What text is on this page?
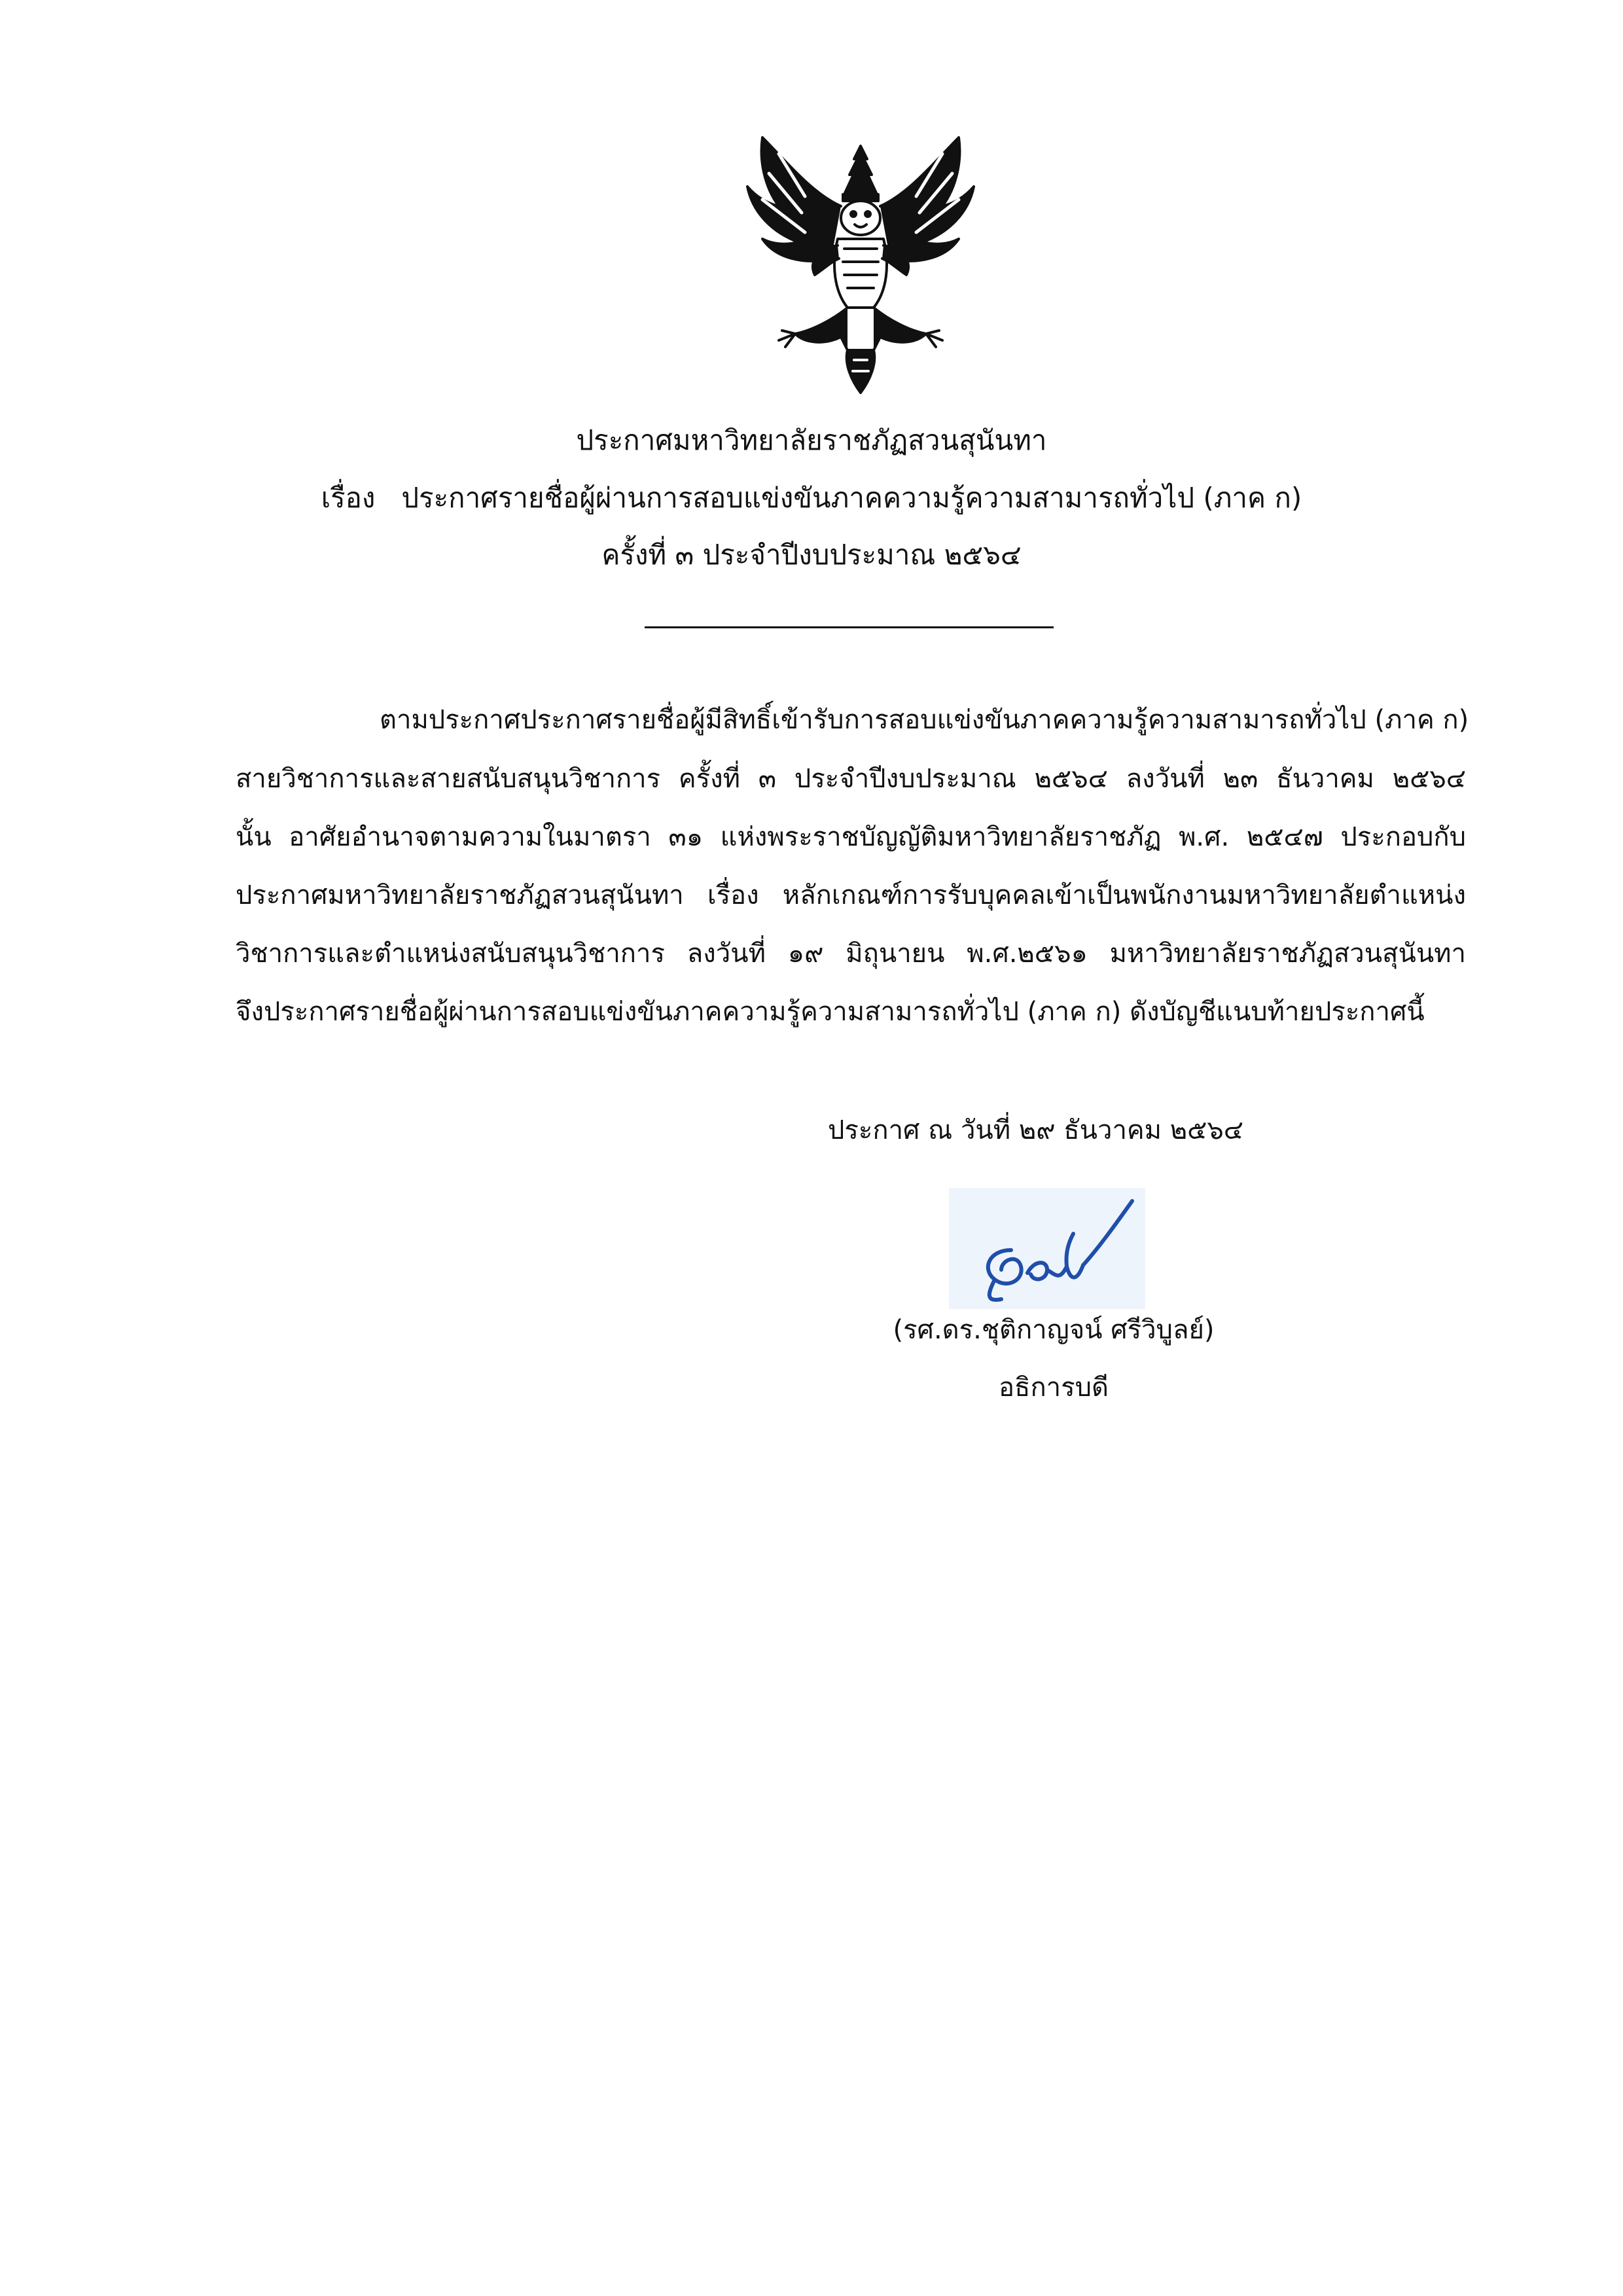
ประกาศมหาวิทยาลัยราชภัฏสวนสุนันทา
เรื่อง ประกาศรายชื่อผู้ผ่านการสอบแข่งขันภาคความรู้ความสามารถทั่วไป (ภาค ก)
ครั้งที่ ๓ ประจำปีงบประมาณ ๒๕๖๔
ตามประกาศประกาศรายชื่อผู้มีสิทธิ์เข้ารับการสอบแข่งขันภาคความรู้ความสามารถทั่วไป (ภาค ก)
สายวิชาการและสายสนับสนุนวิชาการ ครั้งที่ ๓ ประจำปีงบประมาณ ๒๕๖๔ ลงวันที่ ๒๓ ธันวาคม ๒๕๖๔
นั้น อาศัยอำนาจตามความในมาตรา ๓๑ แห่งพระราชบัญญัติมหาวิทยาลัยราชภัฏ พ.ศ. ๒๕๔๗ ประกอบกับ
ประกาศมหาวิทยาลัยราชภัฏสวนสุนันทา เรื่อง หลักเกณฑ์การรับบุคคลเข้าเป็นพนักงานมหาวิทยาลัยตำแหน่ง
วิชาการและตำแหน่งสนับสนุนวิชาการ ลงวันที่ ๑๙ มิถุนายน พ.ศ.๒๕๖๑ มหาวิทยาลัยราชภัฏสวนสุนันทา
จึงประกาศรายชื่อผู้ผ่านการสอบแข่งขันภาคความรู้ความสามารถทั่วไป (ภาค ก) ดังบัญชีแนบท้ายประกาศนี้
ประกาศ ณ วันที่ ๒๙ ธันวาคม ๒๕๖๔
(รศ.ดร.ชุติกาญจน์ ศรีวิบูลย์)
อธิการบดี
